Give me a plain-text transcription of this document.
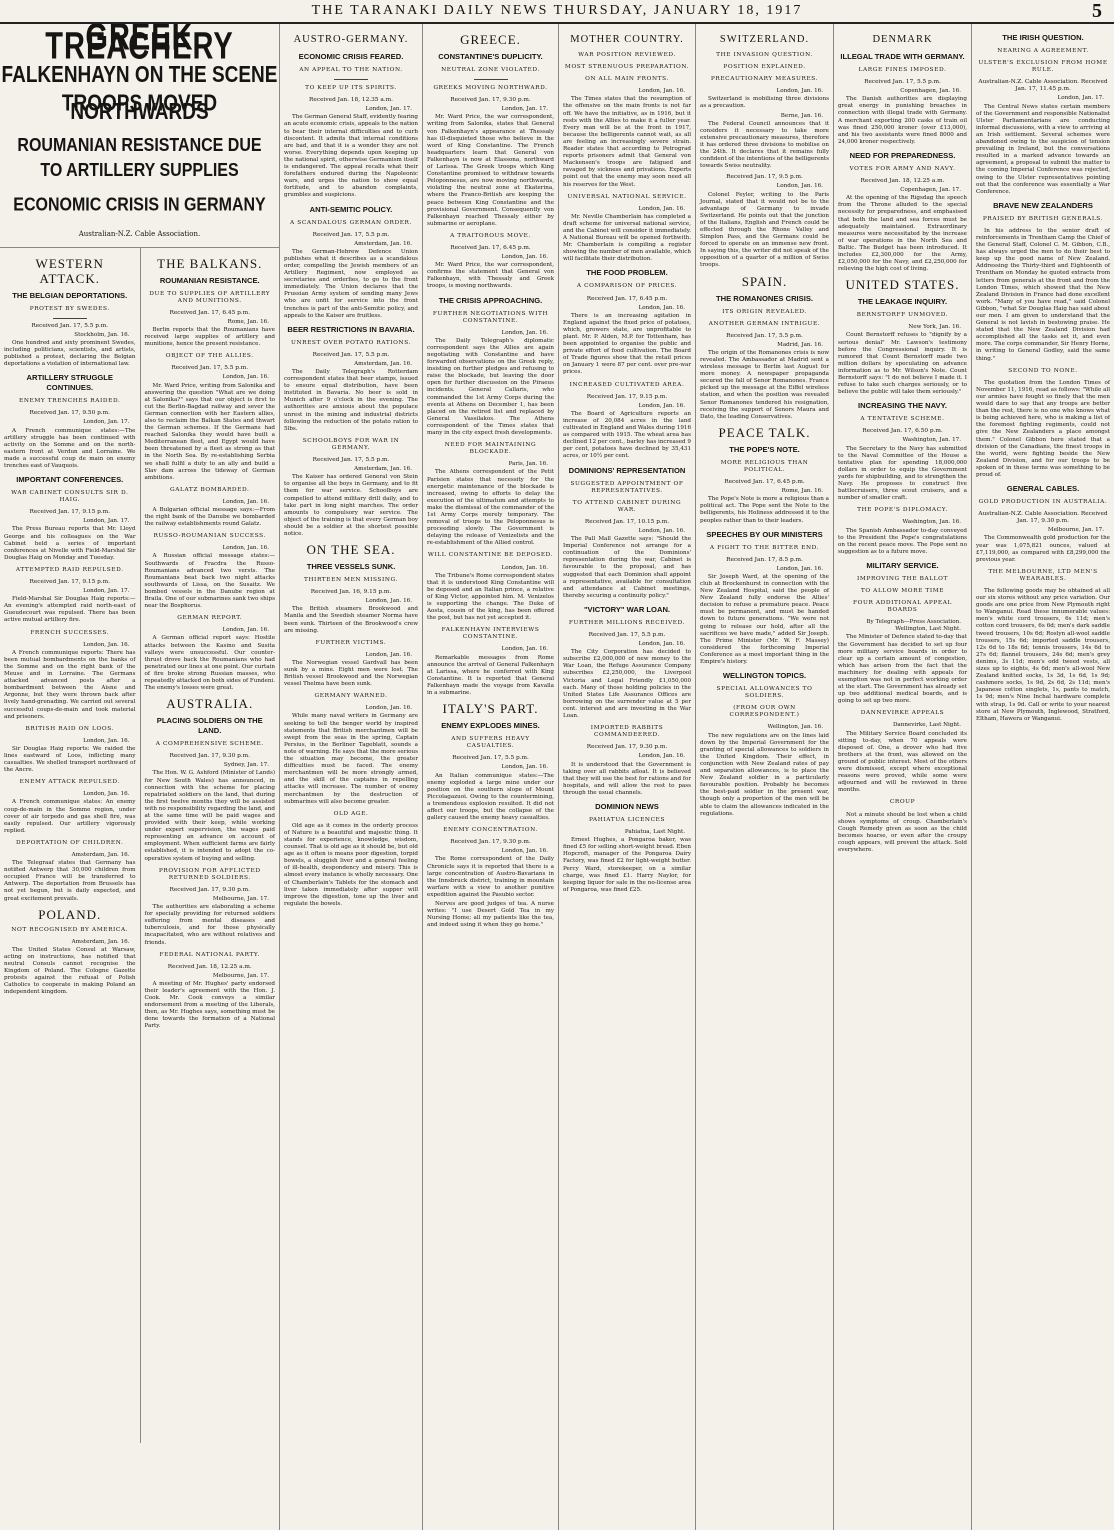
THE TARANAKI DAILY NEWS THURSDAY, JANUARY 18, 1917	5
GREEK TREACHERY
FALKENHAYN ON THE SCENE
TROOPS MOVED NORTHWARDS
ROUMANIAN RESISTANCE DUE TO ARTILLERY SUPPLIES
ECONOMIC CRISIS IN GERMANY
Australian-N.Z. Cable Association.
WESTERN ATTACK.
THE BELGIAN DEPORTATIONS.
PROTEST BY SWEDES.
Received Jan. 17, 5.5 p.m.
Stockholm, Jan. 16.

One hundred and sixty prominent Swedes, including politicians, scientists, and artists, published a protest, declaring the Belgian deportations a violation of international law.

ARTILLERY STRUGGLE CONTINUES.
ENEMY TRENCHES RAIDED.
Received Jan. 17, 9.50 p.m.
London, Jan. 17.

A French communique states:—The artillery struggle has been continued with activity on the Somme and on the north-eastern front at Verdun and Lorraine. We made a successful coup de main on enemy trenches east of Vauquois.

IMPORTANT CONFERENCES.
WAR CABINET CONSULTS SIR D. HAIG.
Received Jan. 17, 9.15 p.m.
London, Jan. 17.

The Press Bureau reports that Mr. Lloyd George and his colleagues on the War Cabinet held a series of important conferences at Nivelle with Field-Marshal Sir Douglas Haig on Monday and Tuesday.

ATTEMPTED RAID REPULSED.
Received Jan. 17, 9.15 p.m.
London, Jan. 17.

Field-Marshal Sir Douglas Haig reports:—An evening's attempted raid north-east of Gueudecourt was repulsed. There has been active mutual artillery fire.

FRENCH SUCCESSES.
London, Jan. 16.

A French communique reports: There has been mutual bombardments on the banks of the Somme and on the right bank of the Meuse and in Lorraine. The Germans attacked advanced posts after a bombardment between the Aisne and Argonne, but they were thrown back after lively hand-grenading. We carried out several successful coups-de-main and took material and prisoners.

BRITISH RAID ON LOOS.
London, Jan. 16.

Sir Douglas Haig reports: We raided the lines eastward of Loos, inflicting many casualties. We shelled transport northward of the Ancre.

ENEMY ATTACK REPULSED.
London, Jan. 16.

A French communique states: An enemy coup-de-main in the Somme region, under cover of air torpedo and gas shell fire, was easily repulsed. Our artillery vigorously replied.

DEPORTATION OF CHILDREN.
Amsterdam, Jan. 16.

The Telegraaf states that Germany has notified Antwerp that 30,000 children from occupied France will be transferred to Antwerp. The deportation from Brussels has not yet begun, but is daily expected, and great excitement prevails.

POLAND.
NOT RECOGNISED BY AMERICA.
Amsterdam, Jan. 16.

The United States Consul at Warsaw, acting on instructions, has notified that neutral Consuls cannot recognise the Kingdom of Poland. The Cologne Gazette protests against the refusal of Polish Catholics to cooperate in making Poland an independent kingdom.

THE BALKANS.
ROUMANIAN RESISTANCE.
DUE TO SUPPLIES OF ARTILLERY AND MUNITIONS.
Received Jan. 17, 6.45 p.m.
Rome, Jan. 16.

Berlin reports that the Roumanians have received large supplies of artillery and munitions, hence the present resistance.

OBJECT OF THE ALLIES.
Received Jan. 17, 5.5 p.m.
London, Jan. 16.

Mr. Ward Price, writing from Salonika and answering the question "What are we doing at Salonika?" says that our object is first to cut the Berlin-Bagdad railway and sever the German connection with her Eastern allies, also to reclaim the Balkan States and thwart the German schemes. If the Germans had reached Salonika they would have built a Mediterranean fleet, and Egypt would have been threatened by a fleet as strong as that in the North Sea. By re-establishing Serbia we shall fulfil a duty to an ally and build a Slav dam across the tideway of German ambitions.

GALATZ BOMBARDED.
London, Jan. 16.

A Bulgarian official message says:—From the right bank of the Danube we bombarded the railway establishments round Galatz.

RUSSO-ROUMANIAN SUCCESS.
London, Jan. 16.

A Russian official message states:—Southwards of Fracdra the Russo-Roumanians advanced two versts. The Roumanians beat back two night attacks southwards of Lissa, on the Susaitz. We bombed vessels in the Danube region at Braila. One of our submarines sank two ships near the Bosphorus.

GERMAN REPORT.
London, Jan. 16.

A German official report says: Hostile attacks between the Kasino and Susita valleys were unsuccessful. Our counter-thrust drove back the Roumanians who had penetrated our lines at one point. Our curtain of fire broke strong Russian masses, who repeatedly attacked on both sides of Fundeni. The enemy's losses were great.

AUSTRALIA.
PLACING SOLDIERS ON THE LAND.
A COMPREHENSIVE SCHEME.
Received Jan. 17, 9.30 p.m.
Sydney, Jan. 17.

The Hon. W. G. Ashford (Minister of Lands) for New South Wales) has announced, in connection with the scheme for placing repatriated soldiers on the land, that during the first twelve months they will be assisted with no responsibility regarding the land, and at the same time will be paid wages and provided with their keep, while working under expert supervision, the wages paid representing an advance on account of employment. When sufficient farms are fairly established, it is intended to adopt the co-operative system of buying and selling.

PROVISION FOR AFFLICTED RETURNED SOLDIERS.
Received Jan. 17, 9.30 p.m.
Melbourne, Jan. 17.

The authorities are elaborating a scheme for specially providing for returned soldiers suffering from mental diseases and tuberculosis, and for those physically incapacitated, who are without relatives and friends.

FEDERAL NATIONAL PARTY.
Received Jan. 18, 12.25 a.m.
Melbourne, Jan. 17.

A meeting of Mr. Hughes' party endorsed their leader's agreement with the Hon. J. Cook. Mr. Cook conveys a similar endorsement from a meeting of the Liberals, then, as Mr. Hughes says, something must be done towards the formation of a National Party.

AUSTRO-GERMANY.
ECONOMIC CRISIS FEARED.
AN APPEAL TO THE NATION.
TO KEEP UP ITS SPIRITS.
Received Jan. 18, 12.35 a.m.
London, Jan. 17.

The German General Staff, evidently fearing an acute economic crisis, appeals to the nation to bear their internal difficulties and to curb discontent. It admits that internal conditions are bad, and that it is a wonder they are not worse. Everything depends upon keeping up the national spirit, otherwise Germanism itself is endangered. The appeal recalls what their forefathers endured during the Napoleonic wars, and urges the nation to show equal fortitude, and to abandon complaints, grumbles and suspicions.

ANTI-SEMITIC POLICY.
A SCANDALOUS GERMAN ORDER.
Received Jan. 17, 5.5 p.m.
Amsterdam, Jan. 16.

The German-Hebrew Defence Union publishes what it describes as a scandalous order, compelling the Jewish members of an Artillery Regiment, now employed as secretaries and orderlies, to go to the front immediately. The Union declares that the Prussian Army system of sending many Jews who are unfit for service into the front trenches is part of the anti-Semitic policy, and appeals to the Kaiser are fruitless.

BEER RESTRICTIONS IN BAVARIA.
UNREST OVER POTATO RATIONS.
Received Jan. 17, 5.5 p.m.
Amsterdam, Jan. 16.

The Daily Telegraph's Rotterdam correspondent states that beer stamps, issued to ensure equal distribution, have been instituted in Bavaria. No beer is sold in Munich after 9 o'clock in the evening. The authorities are anxious about the populace unrest in the mining and industrial districts following the reduction of the potato ration to 5lbs.

SCHOOLBOYS FOR WAR IN GERMANY.
Received Jan. 17, 5.5 p.m.
Amsterdam, Jan. 16.

The Kaiser has ordered General von Stein to organise all the boys in Germany, and to fit them for war service. Schoolboys are compelled to attend military drill daily, and to take part in long night marches. The order amounts to compulsory war service. The object of the training is that every German boy should be a soldier at the shortest possible notice.

ON THE SEA.
THREE VESSELS SUNK.
THIRTEEN MEN MISSING.
Received Jan. 16, 9.15 p.m.
London, Jan. 16.

The British steamers Brookwood and Manila and the Swedish steamer Norma have been sunk. Thirteen of the Brookwood's crew are missing.

FURTHER VICTIMS.
London, Jan. 16.

The Norwegian vessel Gardvall has been sunk by a mine. Eight men were lost. The British vessel Brookwood and the Norwegian vessel Thelma have been sunk.

GERMANY WARNED.
London, Jan. 16.

While many naval writers in Germany are seeking to tell the benger world by inspired statements that British merchantmen will be swept from the seas in the spring, Captain Persius, in the Berliner Tageblatt, sounds a note of warning. He says that the more serious the situation may become, the greater difficulties must be faced. The enemy merchantmen will be more strongly armed, and the skill of the captains in repelling attacks will increase. The number of enemy merchantmen by the destruction of submarines will also become greater.

OLD AGE.

Old age as it comes in the orderly process of Nature is a beautiful and majestic thing. It stands for experience, knowledge, wisdom, counsel. That is old age as it should be, but old age as it often is means poor digestion, torpid bowels, a sluggish liver and a general feeling of ill-health, despondency and misery. This is almost every instance is wholly necessary. One of Chamberlain's Tablets for the stomach and liver taken immediately after supper will improve the digestion, tone up the liver and regulate the bowels.

GREECE.
CONSTANTINE'S DUPLICITY.
NEUTRAL ZONE VIOLATED.
GREEKS MOVING NORTHWARD.
Received Jan. 17, 9.30 p.m.
London, Jan. 17.

Mr. Ward Price, the war correspondent, writing from Salonika, states that General von Falkenhayn's appearance at Thessaly has ill-disquieted those who believe in the word of King Constantine. The French headquarters learn that General von Falkenhayn is now at Elassona, northward of Larissa. The Greek troops which King Constantine promised to withdraw towards Peloponnesus, are now moving northwards, violating the neutral zone at Ekaterina, where the Franco-British are keeping the peace between King Constantine and the provisional Government. Consequently von Falkenhayn reached Thessaly either by submarine or aeroplane.

A TRAITOROUS MOVE.
Received Jan. 17, 6.45 p.m.
London, Jan. 16.

Mr. Ward Price, the war correspondent, confirms the statement that General von Falkenhayn, with Thessaly and Greek troops, is moving northwards.

THE CRISIS APPROACHING.
FURTHER NEGOTIATIONS WITH CONSTANTINE.
London, Jan. 16.

The Daily Telegraph's diplomatic correspondent says the Allies are again negotiating with Constantine and have forwarded observations on the Greek reply, insisting on further pledges and refusing to raise the blockade, but leaving the door open for further discussion on the Piraeus incidents. General Callaris, who commanded the 1st Army Corps during the events at Athens on December 1, has been placed on the retired list and replaced by General Vassilakos. The Athens correspondent of the Times states that many in the city expect fresh developments.

NEED FOR MAINTAINING BLOCKADE.
Paris, Jan. 16.

The Athens correspondent of the Petit Parisien states that necessity for the energetic maintenance of the blockade is increased, owing to efforts to delay the execution of the ultimatum and attempts to make the dismissal of the commander of the 1st Army Corps merely temporary. The removal of troops to the Peloponnesus is proceeding slowly. The Government is delaying the release of Venizelists and the re-establishment of the Allied control.

WILL CONSTANTINE BE DEPOSED.
London, Jan. 16.

The Tribune's Rome correspondent states that it is understood King Constantine will be deposed and an Italian prince, a relative of King Victor, appointed him. M. Venizelos is supporting the change. The Duke of Aosta, cousin of the king, has been offered the post, but has not yet accepted it.

FALKENHAYN INTERVIEWS CONSTANTINE.
London, Jan. 16.

Remarkable messages from Rome announce the arrival of General Falkenhayn at Larissa, where he conferred with King Constantine. It is reported that General Falkenhayn made the voyage from Kavalla in a submarine.

ITALY'S PART.
ENEMY EXPLODES MINES.
AND SUFFERS HEAVY CASUALTIES.
Received Jan. 17, 5.5 p.m.
London, Jan. 16.

An Italian communique states:—The enemy exploded a large mine under our position on the southern slope of Mount Piccolagazuoi. Owing to the countermining, a tremendous explosion resulted. It did not affect our troops, but the collapse of the gallery caused the enemy heavy casualties.

ENEMY CONCENTRATION.
Received Jan. 17, 9.30 p.m.
London, Jan. 16.

The Rome correspondent of the Daily Chronicle says it is reported that there is a large concentration of Austro-Bavarians in the Innsbruck district, training in mountain warfare with a view to another punitive expedition against the Pasubio sector.

Nerves are good judges of tea. A nurse writes: "I use Desert Gold Tea in my Nursing Home; all my patients like the tea, and indeed using it when they go home."

MOTHER COUNTRY.
WAR POSITION REVIEWED.
MOST STRENUOUS PREPARATION.
ON ALL MAIN FRONTS.
London, Jan. 16.

The Times states that the resumption of the offensive on the main fronts is not far off. We have the initiative, as in 1916, but it rests with the Allies to make it a fuller year. Every man will be at the front in 1917, because the belligerents cannot wait, as all are feeling an increasingly severe strain. Reader states that according to Petrograd reports prisoners admit that General von Mackensen's troops are fatigued and ravaged by sickness and privations. Experts point out that the enemy may soon need all his reserves for the West.

UNIVERSAL NATIONAL SERVICE.
London, Jan. 16.

Mr. Neville Chamberlain has completed a draft scheme for universal national service, and the Cabinet will consider it immediately. A National Bureau will be opened forthwith. Mr. Chamberlain is compiling a register showing the number of men available, which will facilitate their distribution.

THE FOOD PROBLEM.
A COMPARISON OF PRICES.
Received Jan. 17, 6.45 p.m.
London, Jan. 16.

There is an increasing agitation in England against the fixed price of potatoes, which, growers state, are unprofitable to plant. Mr. P. Alden, M.P. for Tottenham, has been appointed to organise the public and private effort of food cultivation. The Board of Trade figures show that the retail prices on January 1 were 87 per cent. over pre-war prices.

INCREASED CULTIVATED AREA.
Received Jan. 17, 9.15 p.m.
London, Jan. 16.

The Board of Agriculture reports an increase of 20,084 acres in the land cultivated in England and Wales during 1916 as compared with 1915. The wheat area has declined 12 per cent., barley has increased 9 per cent, potatoes have declined by 35,431 acres, or 10½ per cent.

DOMINIONS' REPRESENTATION
SUGGESTED APPOINTMENT OF REPRESENTATIVES.
TO ATTEND CABINET DURING WAR.
Received Jan. 17, 10.15 p.m.
London, Jan. 16.

The Pall Mall Gazette says: "Should the Imperial Conference not arrange for a continuation of the Dominions' representation during the war, Cabinet is favourable to the proposal, and has suggested that each Dominion shall appoint a representative, available for consultation and attendance at Cabinet meetings, thereby securing a continuity policy."

"VICTORY" WAR LOAN.
FURTHER MILLIONS RECEIVED.
Received Jan. 17, 5.5 p.m.
London, Jan. 16.

The City Corporation has decided to subscribe £2,000,000 of new money to the War Loan, the Refuge Assurance Company subscribes £2,250,000, the Liverpool Victoria and Legal Friendly £1,050,000 each. Many of those holding policies in the United States Life Assurance Offices are borrowing on the surrender value at 5 per cent. interest and are investing in the War Loan.

IMPORTED RABBITS COMMANDEERED.
Received Jan. 17, 9.30 p.m.
London, Jan. 16.

It is understood that the Government is taking over all rabbits afloat. It is believed that they will use the best for rations and for hospitals, and will allow the rest to pass through the usual channels.

DOMINION NEWS
PAHIATUA LICENCES
Pahiatua, Last Night.

Ernest Hughes, a Pongaroa baker, was fined £5 for selling short-weight bread. Eben Hopcroft, manager of the Pongaroa Dairy Factory, was fined £2 for light-weight butter. Percy Ward, storekeeper, on a similar charge, was fined £1. Harry Naylor, for keeping liquor for sale in the no-license area of Pongaroa, was fined £25.

SWITZERLAND.
THE INVASION QUESTION.
POSITION EXPLAINED.
PRECAUTIONARY MEASURES.
London, Jan. 16.

Switzerland is mobilising three divisions as a precaution.

Berne, Jan. 16.

The Federal Council announces that it considers it necessary to take more extensive precautionary measures, therefore it has ordered three divisions to mobilise on the 24th. It declares that it remains fully confident of the intentions of the belligerents towards Swiss neutrality.

Received Jan. 17, 9.5 p.m.
London, Jan. 16.

Colonel Feyler, writing to the Paris Journal, stated that it would not be to the advantage of Germany to invade Switzerland. He points out that the junction of the Italians, English and French could be effected through the Rhone Valley and Simplon Pass, and the Germans could be forced to operate on an immense new front. In saying this, the writer did not speak of the opposition of a quarter of a million of Swiss troops.

SPAIN.
THE ROMANONES CRISIS.
ITS ORIGIN REVEALED.
ANOTHER GERMAN INTRIGUE.
Received Jan. 17, 5.5 p.m.
Madrid, Jan. 16.

The origin of the Romanones crisis is now revealed. The Ambassador at Madrid sent a wireless message to Berlin last August for more money. A newspaper propaganda secured the fall of Senor Romanones. France picked up the message at the Eiffel wireless station, and when the position was revealed Senor Romanones tendered his resignation, receiving the support of Senors Maura and Dato, the leading Conservatives.

PEACE TALK.
THE POPE'S NOTE.
MORE RELIGIOUS THAN POLITICAL.
Received Jan. 17, 6.45 p.m.
Rome, Jan. 16.

The Pope's Note is more a religious than a political act. The Pope sent the Note to the belligerents, his Holiness addressed it to the peoples rather than to their leaders.

SPEECHES BY OUR MINISTERS
A FIGHT TO THE BITTER END.
Received Jan. 17, 8.5 p.m.
London, Jan. 16.

Sir Joseph Ward, at the opening of the club at Brockenhurst in connection with the New Zealand Hospital, said the people of New Zealand fully endorse the Allies' decision to refuse a premature peace. Peace must be permanent, and must be handed down to future generations. "We were not going to release our hold, after all the sacrifices we have made," added Sir Joseph. The Prime Minister (Mr. W. F. Massey) considered the forthcoming Imperial Conference as a most important thing in the Empire's history.

WELLINGTON TOPICS.
SPECIAL ALLOWANCES TO SOLDIERS.
(FROM OUR OWN CORRESPONDENT.)
Wellington, Jan. 16.

The new regulations are on the lines laid down by the Imperial Government for the granting of special allowances to soldiers in the United Kingdom. Their effect, in conjunction with New Zealand rates of pay and separation allowances, is to place the New Zealand soldier in a particularly favourable position. Probably he becomes the best-paid soldier in the present war, though only a proportion of the men will be able to claim the allowances indicated in the regulations.

DENMARK
ILLEGAL TRADE WITH GERMANY.
LARGE FINES IMPOSED.
Received Jan. 17, 5.5 p.m.
Copenhagen, Jan. 16.

The Danish authorities are displaying great energy in punishing breaches in connection with illegal trade with Germany. A merchant exporting 200 casks of train oil was fined 250,000 kroner (over £13,000), and his two assistants were fined 8000 and 24,000 kroner respectively.

NEED FOR PREPAREDNESS.
VOTES FOR ARMY AND NAVY.
Received Jan. 18, 12.25 a.m.
Copenhagen, Jan. 17.

At the opening of the Rigsdag the speech from the Throne alluded to the special necessity for preparedness, and emphasised that both the land and sea forces must be adequately maintained. Extraordinary measures were necessitated by the increase of war operations in the North Sea and Baltic. The Budget has been introduced. It includes £2,300,000 for the Army, £2,050,000 for the Navy, and £2,250,000 for relieving the high cost of living.

UNITED STATES.
THE LEAKAGE INQUIRY.
BERNSTORFF UNMOVED.
New York, Jan. 16.

Count Bernstorff refuses to "dignify by a serious denial" Mr. Lawson's testimony before the Congressional inquiry. It is rumored that Count Bernstorff made two million dollars by speculating on advance information as to Mr. Wilson's Note. Count Bernstorff says: "I do not believe I made it. I refuse to take such charges seriously, or to believe the public will take them seriously."

INCREASING THE NAVY.
A TENTATIVE SCHEME.
Received Jan. 17, 6.50 p.m.
Washington, Jan. 17.

The Secretary to the Navy has submitted to the Naval Committee of the House a tentative plan for spending 18,000,000 dollars in order to equip the Government yards for shipbuilding, and to strengthen the Navy. He proposes to construct five battlecruisers, three scout cruisers, and a number of smaller craft.

THE POPE'S DIPLOMACY.
Washington, Jan. 16.

The Spanish Ambassador to-day conveyed to the President the Pope's congratulations on the recent peace move. The Pope sent no suggestion as to a future move.

MILITARY SERVICE.
IMPROVING THE BALLOT
TO ALLOW MORE TIME
FOUR ADDITIONAL APPEAL BOARDS
By Telegraph—Press Association. Wellington, Last Night.

The Minister of Defence stated to-day that the Government has decided to set up four more military service boards in order to clear up a certain amount of congestion, which has arisen from the fact that the machinery for dealing with appeals for exemption was not in perfect working order at the start. The Government has already set up two additional medical boards, and is going to set up two more.

DANNEVIRKE APPEALS
Dannevirke, Last Night.

The Military Service Board concluded its sitting to-day, when 70 appeals were disposed of. One, a drover who had five brothers at the front, was allowed on the ground of public interest. Most of the others were dismissed, except where exceptional reasons were proved, while some were adjourned and will be reviewed in three months.

CROUP

Not a minute should be lost when a child shows symptoms of croup. Chamberlain's Cough Remedy given as soon as the child becomes hoarse, or even after the croupy cough appears, will prevent the attack. Sold everywhere.

THE IRISH QUESTION.
NEARING A AGREEMENT.
ULSTER'S EXCLUSION FROM HOME RULE.
Australian-N.Z. Cable Association. Received Jan. 17, 11.45 p.m.
London, Jan. 17.

The Central News states certain members of the Government and responsible Nationalist Ulster Parliamentarians are conducting informal discussions, with a view to arriving at an Irish settlement. Several schemes were abandoned owing to the suspicion of tension prevailing in Ireland, but the conversations resulted in a marked advance towards an agreement, a proposal to submit the matter to the coming Imperial Conference was rejected, owing to the Ulster representatives pointing out that the conference was essentially a War Conference.

BRAVE NEW ZEALANDERS
PRAISED BY BRITISH GENERALS.

In his address to the senior draft of reinforcements in Trentham Camp the Chief of the General Staff, Colonel C. M. Gibbon, C.B., has always urged the men to do their best to keep up the good name of New Zealand. Addressing the Thirty-third and Eighteenth of Trentham on Monday he quoted extracts from letters from generals at the front and from the London Times, which showed that the New Zealand Division in France had done excellent work. "Many of you have read," said Colonel Gibbon, "what Sir Douglas Haig has said about our men. I am given to understand that the General is not lavish in bestowing praise. He stated that the New Zealand Division had accomplished all the tasks set it, and even more. The corps commander, Sir Henry Horne, in writing to General Godley, said the same thing."

SECOND TO NONE.

The quotation from the London Times of November 11, 1916, read as follows: "While all our armies have fought so finely that the men would dare to say that any troops are better than the rest, there is no one who knows what is being achieved here, who is making a list of the foremost fighting regiments, could not give the New Zealanders a place amongst them." Colonel Gibbon here stated that a division of the Canadians, the finest troops in the world, were fighting beside the New Zealand Division, and for our troops to be spoken of in these terms was something to be proud of.

GENERAL CABLES.
GOLD PRODUCTION IN AUSTRALIA.
Australian-N.Z. Cable Association. Received Jan. 17, 9.30 p.m.
Melbourne, Jan. 17.

The Commonwealth gold production for the year was 1,075,821 ounces, valued at £7,119,000, as compared with £8,299,000 the previous year.

THE MELBOURNE, LTD MEN'S WEARABLES.

The following goods may be obtained at all our six stores without any price variation. Our goods are one price from New Plymouth right to Wanganui. Read these innumerable values: men's white cord trousers, 6s 11d; men's cotton cord trousers, 6s 6d; men's dark saddle tweed trousers, 10s 6d; Roslyn all-wool saddle trousers, 15s 6d; imported saddle trousers, 12s 6d to 18s 6d; tennis trousers, 14s 6d to 27s 6d; flannel trousers, 24s 6d; men's grey denims, 3s 11d; men's odd tweed vests, all sizes up to eights, 4s 6d; men's all-wool New Zealand knitted socks, 1s 3d, 1s 6d, 1s 9d; cashmere socks, 1s 9d, 2s 6d, 2s 11d; men's Japanese cotton singlets, 1s, pants to match, 1s 9d; men's Nine Inchal hardware complete with strap, 1s 9d. Call or write to your nearest store at New Plymouth, Inglewood, Stratford, Eltham, Hawera or Wanganui.
